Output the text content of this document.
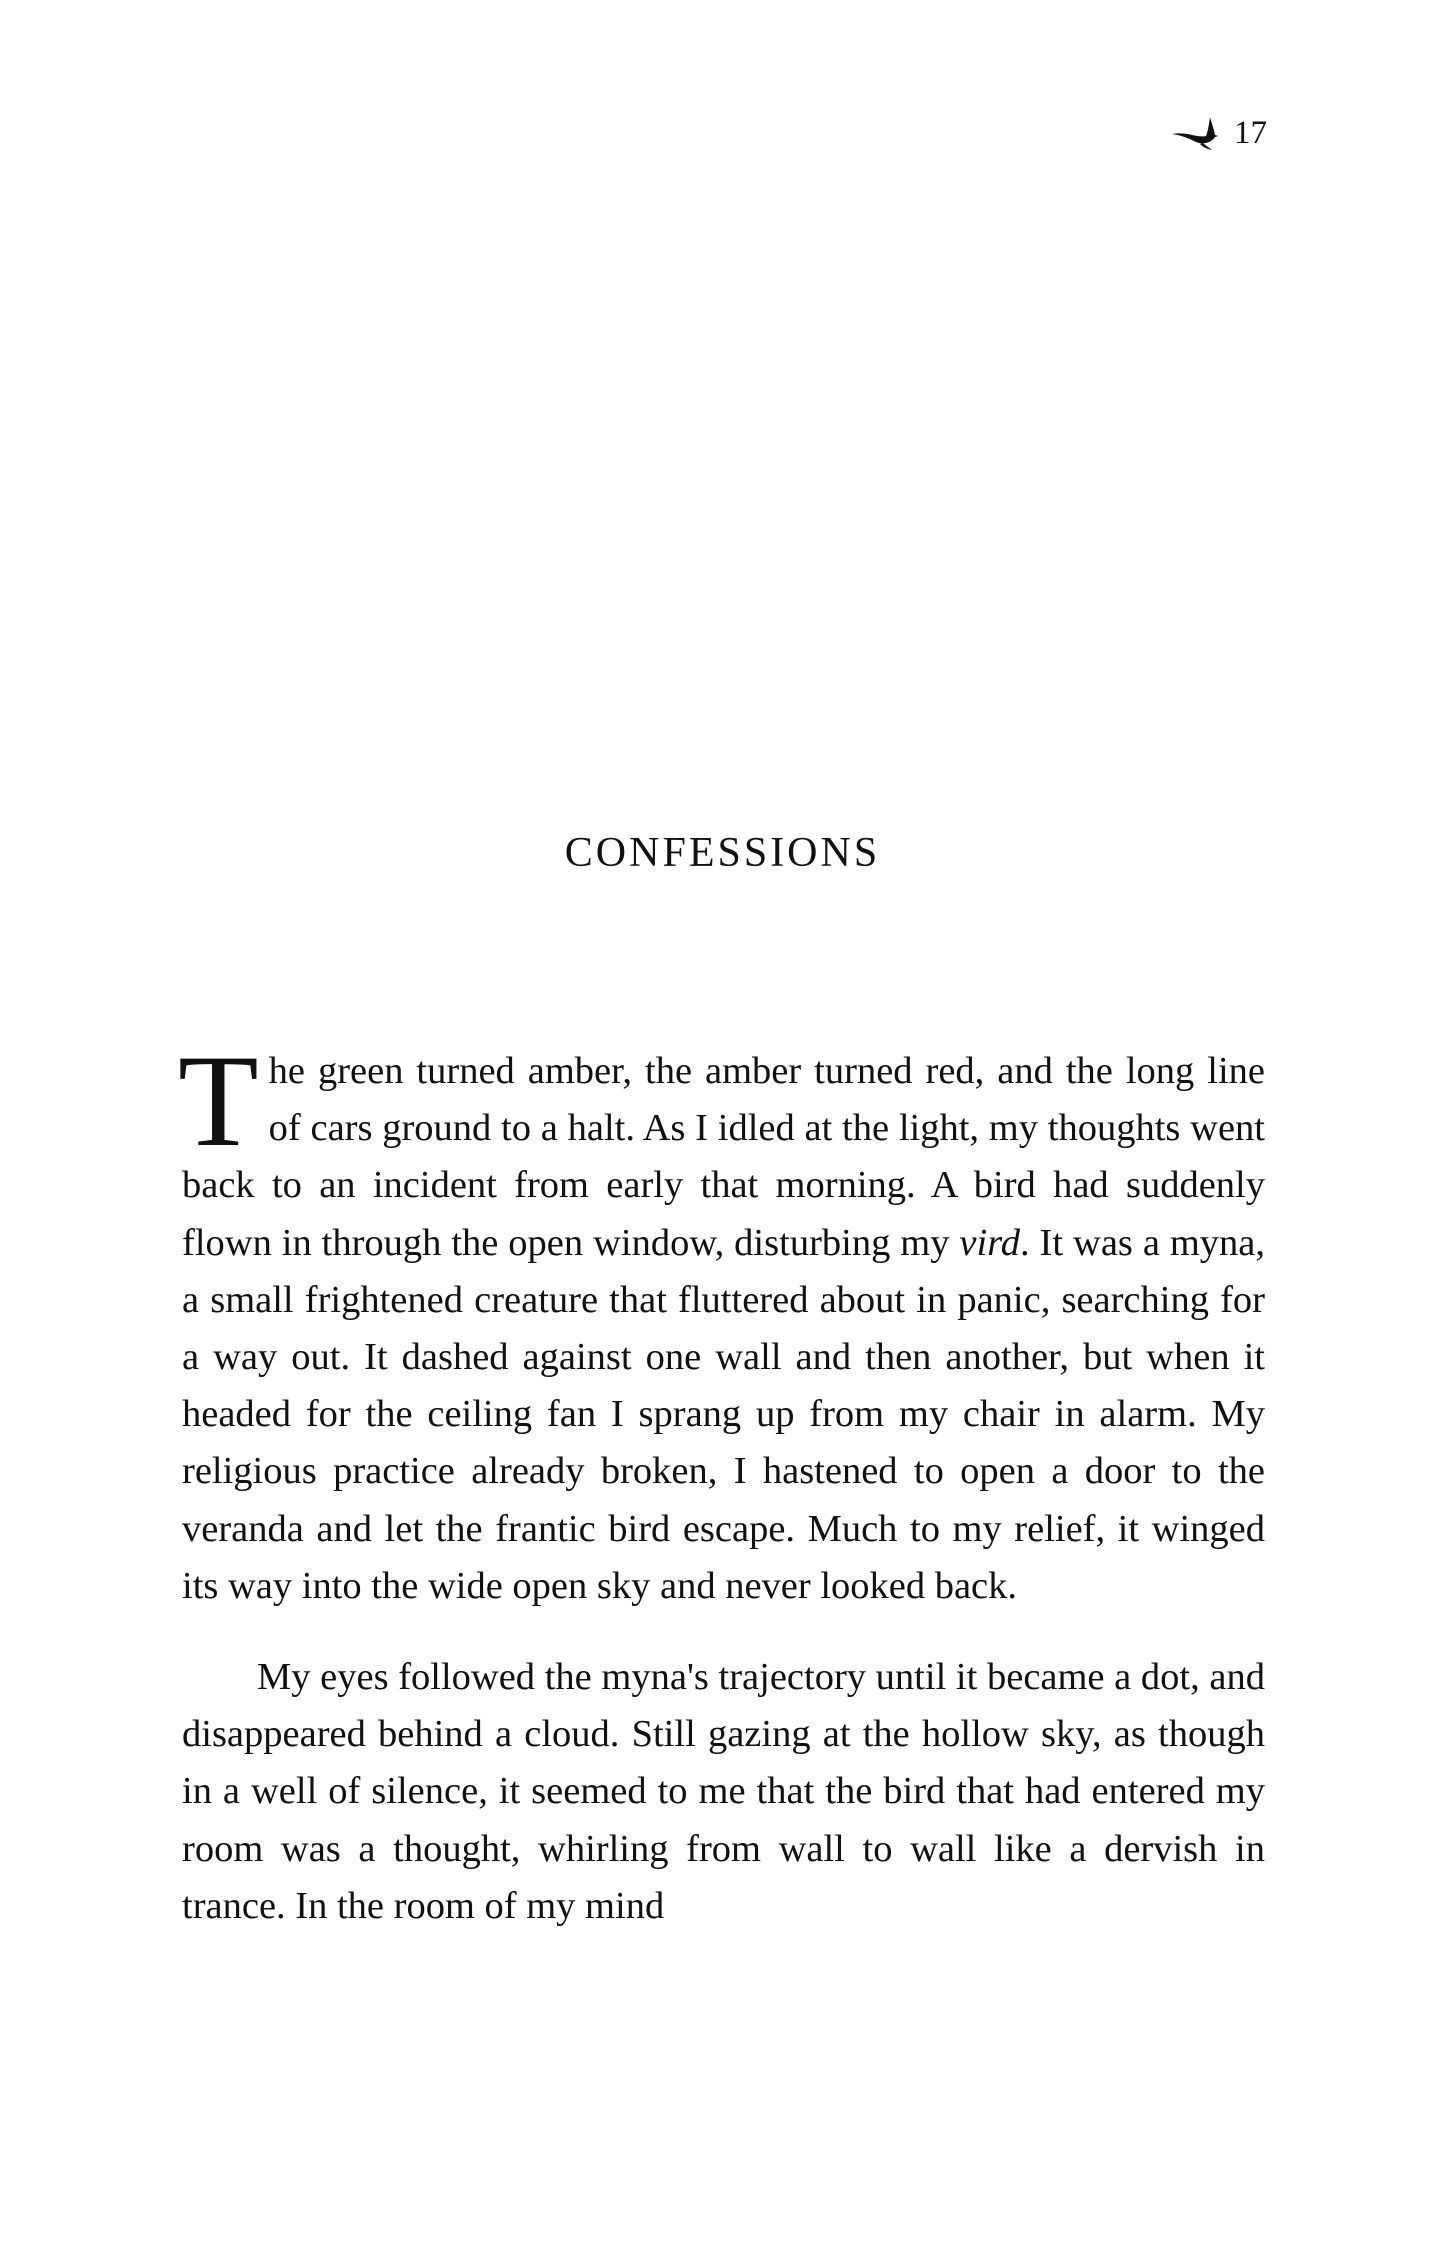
17
CONFESSIONS

The green turned amber, the amber turned red, and the long line of cars ground to a halt. As I idled at the light, my thoughts went back to an incident from early that morning. A bird had suddenly flown in through the open window, disturbing my vird. It was a myna, a small frightened creature that fluttered about in panic, searching for a way out. It dashed against one wall and then another, but when it headed for the ceiling fan I sprang up from my chair in alarm. My religious practice already broken, I hastened to open a door to the veranda and let the frantic bird escape. Much to my relief, it winged its way into the wide open sky and never looked back.

My eyes followed the myna's trajectory until it became a dot, and disappeared behind a cloud. Still gazing at the hollow sky, as though in a well of silence, it seemed to me that the bird that had entered my room was a thought, whirling from wall to wall like a dervish in trance. In the room of my mind
